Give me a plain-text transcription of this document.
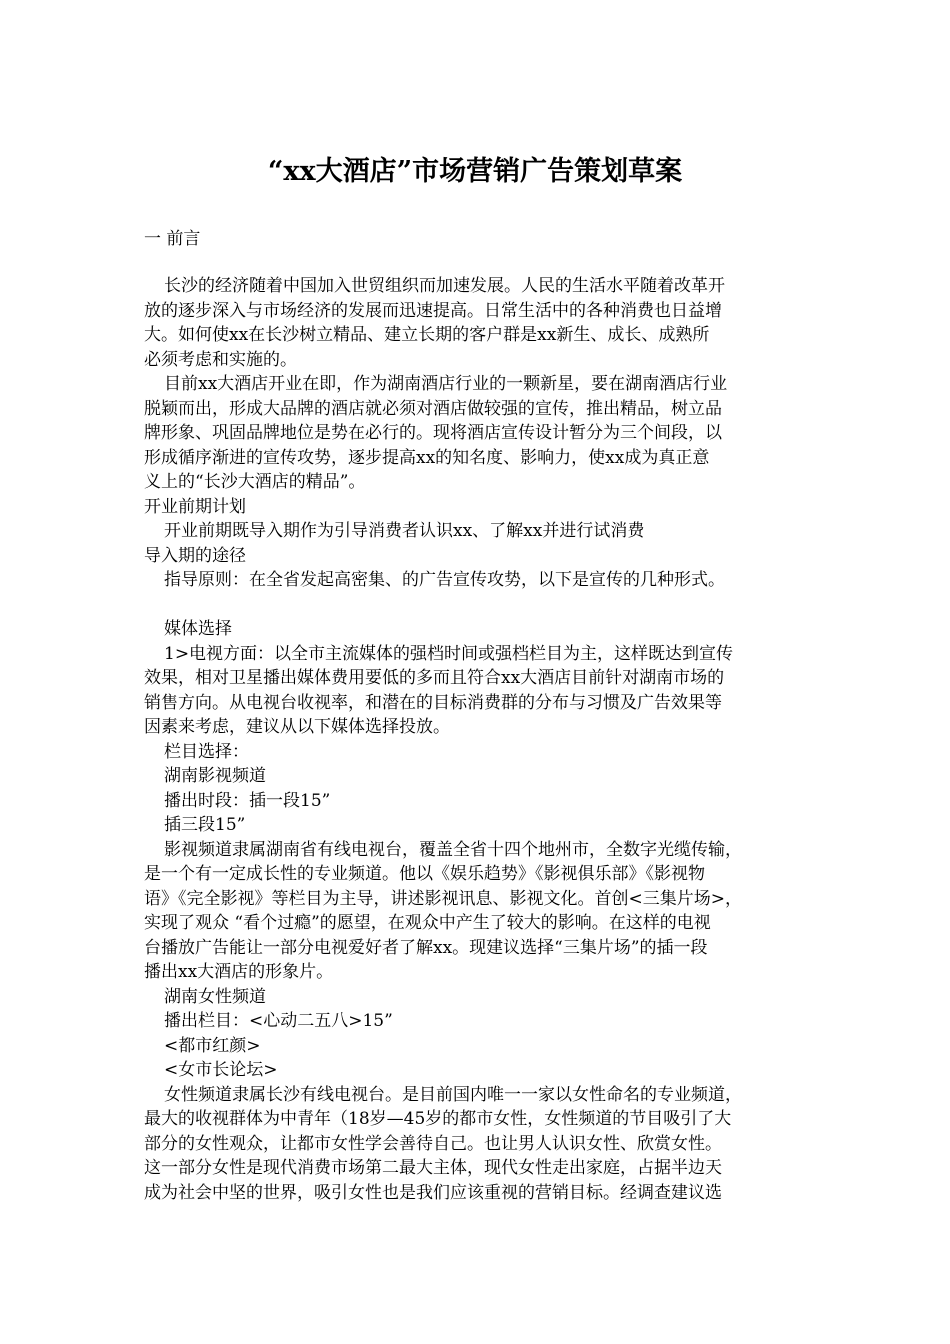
“xx大酒店”市场营销广告策划草案
一 前言

长沙的经济随着中国加入世贸组织而加速发展。人民的生活水平随着改革开

放的逐步深入与市场经济的发展而迅速提高。日常生活中的各种消费也日益增

大。如何使xx在长沙树立精品、建立长期的客户群是xx新生、成长、成熟所

必须考虑和实施的。

目前xx大酒店开业在即，作为湖南酒店行业的一颗新星，要在湖南酒店行业

脱颖而出，形成大品牌的酒店就必须对酒店做较强的宣传，推出精品，树立品

牌形象、巩固品牌地位是势在必行的。现将酒店宣传设计暂分为三个间段，以

形成循序渐进的宣传攻势，逐步提高xx的知名度、影响力，使xx成为真正意

义上的“长沙大酒店的精品”。

开业前期计划

开业前期既导入期作为引导消费者认识xx、了解xx并进行试消费

导入期的途径

指导原则：在全省发起高密集、的广告宣传攻势，以下是宣传的几种形式。

媒体选择

1>电视方面：以全市主流媒体的强档时间或强档栏目为主，这样既达到宣传

效果，相对卫星播出媒体费用要低的多而且符合xx大酒店目前针对湖南市场的

销售方向。从电视台收视率，和潜在的目标消费群的分布与习惯及广告效果等

因素来考虑，建议从以下媒体选择投放。

栏目选择：

湖南影视频道

播出时段：插一段15”

插三段15”

影视频道隶属湖南省有线电视台，覆盖全省十四个地州市，全数字光缆传输，

是一个有一定成长性的专业频道。他以《娱乐趋势》《影视俱乐部》《影视物

语》《完全影视》等栏目为主导，讲述影视讯息、影视文化。首创<三集片场>，

实现了观众 “看个过瘾”的愿望，在观众中产生了较大的影响。在这样的电视

台播放广告能让一部分电视爱好者了解xx。现建议选择“三集片场”的插一段

播出xx大酒店的形象片。

湖南女性频道

播出栏目：<心动二五八>15”

<都市红颜>

<女市长论坛>

女性频道隶属长沙有线电视台。是目前国内唯一一家以女性命名的专业频道，

最大的收视群体为中青年（18岁—45岁的都市女性，女性频道的节目吸引了大

部分的女性观众，让都市女性学会善待自己。也让男人认识女性、欣赏女性。

这一部分女性是现代消费市场第二最大主体，现代女性走出家庭，占据半边天

成为社会中坚的世界，吸引女性也是我们应该重视的营销目标。经调查建议选
